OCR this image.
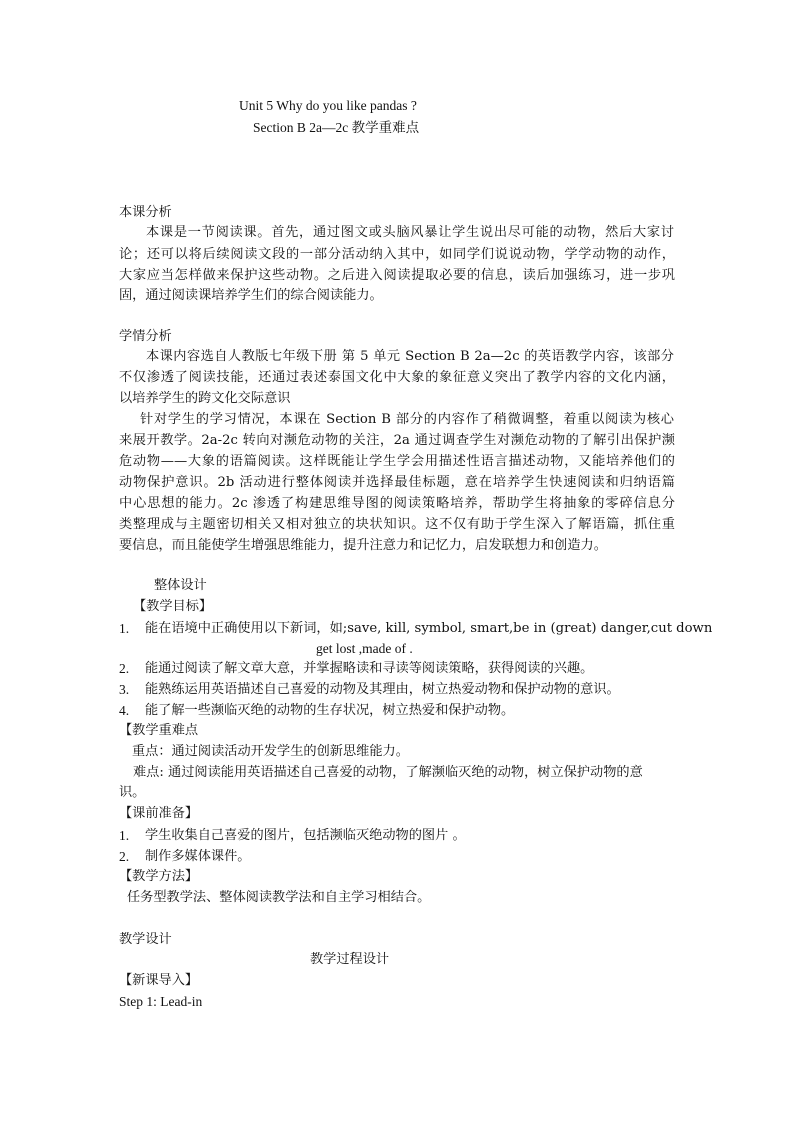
Unit 5 Why do you like pandas ?
Section B 2a—2c 教学重难点
本课分析
本课是一节阅读课。首先，通过图文或头脑风暴让学生说出尽可能的动物，然后大家讨
论；还可以将后续阅读文段的一部分活动纳入其中，如同学们说说动物，学学动物的动作，
大家应当怎样做来保护这些动物。之后进入阅读提取必要的信息，读后加强练习，进一步巩
固，通过阅读课培养学生们的综合阅读能力。
学情分析
本课内容选自人教版七年级下册 第 5 单元 Section B 2a—2c 的英语教学内容，该部分
不仅渗透了阅读技能，还通过表述泰国文化中大象的象征意义突出了教学内容的文化内涵，
以培养学生的跨文化交际意识
针对学生的学习情况，本课在 Section B 部分的内容作了稍微调整，着重以阅读为核心
来展开教学。2a-2c 转向对濒危动物的关注，2a 通过调查学生对濒危动物的了解引出保护濒
危动物——大象的语篇阅读。这样既能让学生学会用描述性语言描述动物，又能培养他们的
动物保护意识。2b 活动进行整体阅读并选择最佳标题，意在培养学生快速阅读和归纳语篇
中心思想的能力。2c 渗透了构建思维导图的阅读策略培养，帮助学生将抽象的零碎信息分
类整理成与主题密切相关又相对独立的块状知识。这不仅有助于学生深入了解语篇，抓住重
要信息，而且能使学生增强思维能力，提升注意力和记忆力，启发联想力和创造力。
整体设计
【教学目标】
1. 能在语境中正确使用以下新词，如;save, kill, symbol, smart,be in (great) danger,cut down
get lost ,made of .
2. 能通过阅读了解文章大意，并掌握略读和寻读等阅读策略，获得阅读的兴趣。
3. 能熟练运用英语描述自己喜爱的动物及其理由，树立热爱动物和保护动物的意识。
4. 能了解一些濒临灭绝的动物的生存状况，树立热爱和保护动物。
【教学重难点
重点：通过阅读活动开发学生的创新思维能力。
难点: 通过阅读能用英语描述自己喜爱的动物，了解濒临灭绝的动物，树立保护动物的意
识。
【课前准备】
1. 学生收集自己喜爱的图片，包括濒临灭绝动物的图片 。
2. 制作多媒体课件。
【教学方法】
任务型教学法、整体阅读教学法和自主学习相结合。
教学设计
教学过程设计
【新课导入】
Step 1: Lead-in
